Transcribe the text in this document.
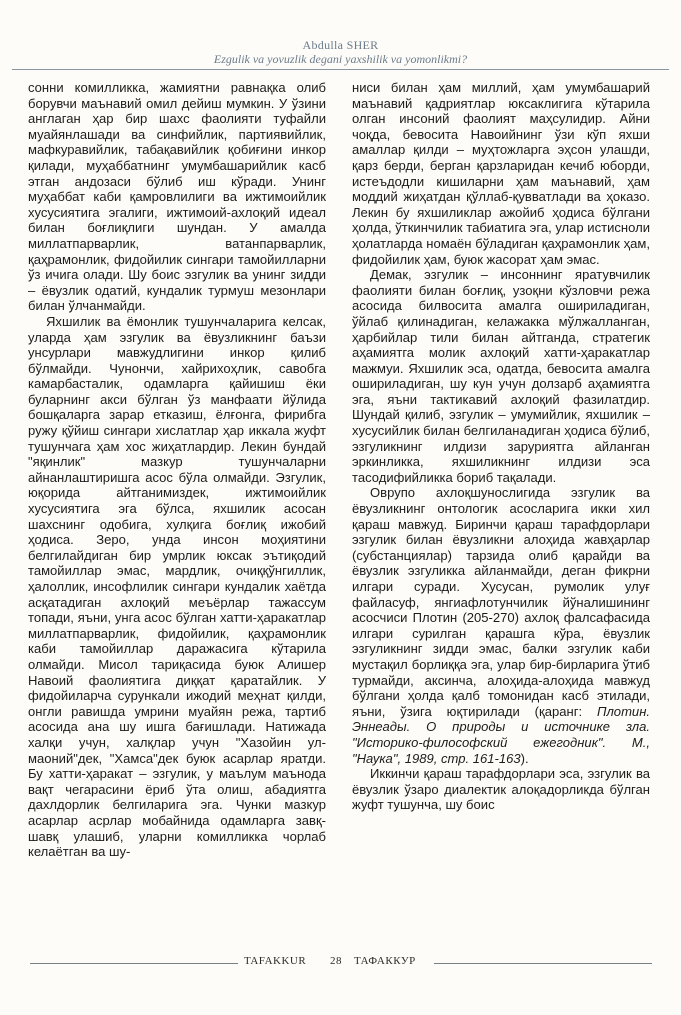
Abdulla SHER
Ezgulik va yovuzlik degani yaxshilik va yomonlikmi?

сонни комилликка, жамиятни равнақка олиб борувчи маънавий омил дейиш мумкин. У ўзини англаган ҳар бир шахс фаолияти туфайли муайянлашади ва синфийлик, партиявийлик, мафкуравийлик, табақавийлик қобиғини инкор қилади, муҳаббатнинг умумбашарийлик касб этган андозаси бўлиб иш кўради. Унинг муҳаббат каби қамровлилиги ва ижтимоийлик хусусиятига эгалиги, ижтимоий-ахлоқий идеал билан боғлиқлиги шундан. У амалда миллатпарварлик, ватанпарварлик, қаҳрамонлик, фидойилик сингари тамойилларни ўз ичига олади. Шу боис эзгулик ва унинг зидди – ёвузлик одатий, кундалик турмуш мезонлари билан ўлчанмайди.

Яхшилик ва ёмонлик тушунчаларига келсак, уларда ҳам эзгулик ва ёвузликнинг баъзи унсурлари мавжудлигини инкор қилиб бўлмайди. Чунончи, хайрихоҳлик, савобга камарбасталик, одамларга қайишиш ёки буларнинг акси бўлган ўз манфаати йўлида бошқаларга зарар етказиш, ёлғонга, фирибга ружу қўйиш сингари хислатлар ҳар иккала жуфт тушунчага ҳам хос жиҳатлардир. Лекин бундай "яқинлик" мазкур тушунчаларни айнанлаштиришга асос бўла олмайди. Эзгулик, юқорида айтганимиздек, ижтимоийлик хусусиятига эга бўлса, яхшилик асосан шахснинг одобига, хулқига боғлиқ ижобий ҳодиса. Зеро, унда инсон моҳиятини белгилайдиган бир умрлик юксак эътиқодий тамойиллар эмас, мардлик, очиққўнгиллик, ҳалоллик, инсофлилик сингари кундалик хаётда асқатадиган ахлоқий меъёрлар тажассум топади, яъни, унга асос бўлган хатти-ҳаракатлар миллатпарварлик, фидойилик, қаҳрамонлик каби тамойиллар даражасига кўтарила олмайди. Мисол тариқасида буюк Алишер Навоий фаолиятига диққат қаратайлик. У фидойиларча сурункали ижодий меҳнат қилди, онгли равишда умрини муайян режа, тартиб асосида ана шу ишга бағишлади. Натижада халқи учун, халқлар учун "Хазойин ул-маоний"дек, "Хамса"дек буюк асарлар яратди. Бу хатти-ҳаракат – эзгулик, у маълум маънода вақт чегарасини ёриб ўта олиш, абадиятга дахлдорлик белгиларига эга. Чунки мазкур асарлар асрлар мобайнида одамларга завқ-шавқ улашиб, уларни комилликка чорлаб келаётган ва шу-

ниси билан ҳам миллий, ҳам умумбашарий маънавий қадриятлар юксаклигига кўтарила олган инсоний фаолият маҳсулидир. Айни чоқда, бевосита Навоийнинг ўзи кўп яхши амаллар қилди – муҳтожларга эҳсон улашди, қарз берди, берган қарзларидан кечиб юборди, истеъдодли кишиларни ҳам маънавий, ҳам моддий жиҳатдан қўллаб-қувватлади ва ҳоказо. Лекин бу яхшиликлар ажойиб ҳодиса бўлгани ҳолда, ўткинчилик табиатига эга, улар истисноли ҳолатларда номаён бўладиган қаҳрамонлик ҳам, фидойилик ҳам, буюк жасорат ҳам эмас.

Демак, эзгулик – инсоннинг яратувчилик фаолияти билан боғлиқ, узоқни кўзловчи режа асосида билвосита амалга ошириладиган, ўйлаб қилинадиган, келажакка мўлжалланган, ҳарбийлар тили билан айтганда, стратегик аҳамиятга молик ахлоқий хатти-ҳаракатлар мажмуи. Яхшилик эса, одатда, бевосита амалга ошириладиган, шу кун учун долзарб аҳамиятга эга, яъни тактикавий ахлоқий фазилатдир. Шундай қилиб, эзгулик – умумийлик, яхшилик – хусусийлик билан белгиланадиган ҳодиса бўлиб, эзгуликнинг илдизи заруриятга айланган эркинликка, яхшиликнинг илдизи эса тасодифийликка бориб тақалади.

Оврупо ахлоқшунослигида эзгулик ва ёвузликнинг онтологик асосларига икки хил қараш мавжуд. Биринчи қараш тарафдорлари эзгулик билан ёвузликни алоҳида жавҳарлар (субстанциялар) тарзида олиб қарайди ва ёвузлик эзгуликка айланмайди, деган фикрни илгари суради. Хусусан, румолик улуғ файласуф, янгиафлотунчилик йўналишининг асосчиси Плотин (205-270) ахлоқ фалсафасида илгари сурилган қарашга кўра, ёвузлик эзгуликнинг зидди эмас, балки эзгулик каби мустақил борлиққа эга, улар бир-бирларига ўтиб турмайди, аксинча, алоҳида-алоҳида мавжуд бўлгани ҳолда қалб томонидан касб этилади, яъни, ўзига юқтирилади (қаранг: Плотин. Эннеады. О природы и источнике зла. "Историко-философский ежегодник". М., "Наука", 1989, стр. 161-163).

Иккинчи қараш тарафдорлари эса, эзгулик ва ёвузлик ўзаро диалектик алоқадорликда бўлган жуфт тушунча, шу боис

TAFAKKUR 28 ТАФАККУР
